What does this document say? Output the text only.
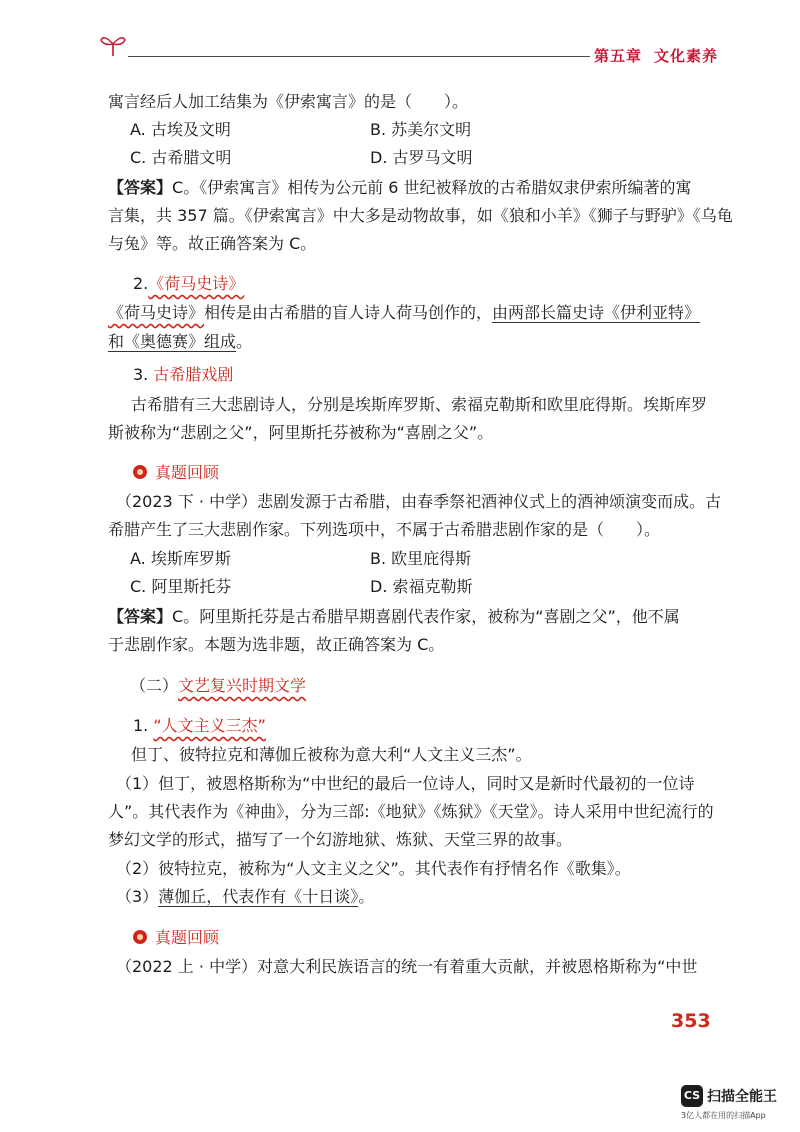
第五章 文化素养
寓言经后人加工结集为《伊索寓言》的是（　　）。
A. 古埃及文明	B. 苏美尔文明
C. 古希腊文明	D. 古罗马文明
【答案】C。《伊索寓言》相传为公元前 6 世纪被释放的古希腊奴隶伊索所编著的寓
言集，共 357 篇。《伊索寓言》中大多是动物故事，如《狼和小羊》《狮子与野驴》《乌龟
与兔》等。故正确答案为 C。
2.《荷马史诗》
《荷马史诗》相传是由古希腊的盲人诗人荷马创作的，由两部长篇史诗《伊利亚特》
和《奥德赛》组成。
3. 古希腊戏剧
古希腊有三大悲剧诗人，分别是埃斯库罗斯、索福克勒斯和欧里庇得斯。埃斯库罗
斯被称为“悲剧之父”，阿里斯托芬被称为“喜剧之父”。
真题回顾
（2023 下 · 中学）悲剧发源于古希腊，由春季祭祀酒神仪式上的酒神颂演变而成。古
希腊产生了三大悲剧作家。下列选项中，不属于古希腊悲剧作家的是（　　）。
A. 埃斯库罗斯	B. 欧里庇得斯
C. 阿里斯托芬	D. 索福克勒斯
【答案】C。阿里斯托芬是古希腊早期喜剧代表作家，被称为“喜剧之父”，他不属
于悲剧作家。本题为选非题，故正确答案为 C。
（二）文艺复兴时期文学
1. “人文主义三杰”
但丁、彼特拉克和薄伽丘被称为意大利“人文主义三杰”。
（1）但丁，被恩格斯称为“中世纪的最后一位诗人，同时又是新时代最初的一位诗
人”。其代表作为《神曲》，分为三部:《地狱》《炼狱》《天堂》。诗人采用中世纪流行的
梦幻文学的形式，描写了一个幻游地狱、炼狱、天堂三界的故事。
（2）彼特拉克，被称为“人文主义之父”。其代表作有抒情名作《歌集》。
（3）薄伽丘，代表作有《十日谈》。
真题回顾
（2022 上 · 中学）对意大利民族语言的统一有着重大贡献，并被恩格斯称为“中世
353
CS 扫描全能王
3亿人都在用的扫描App
